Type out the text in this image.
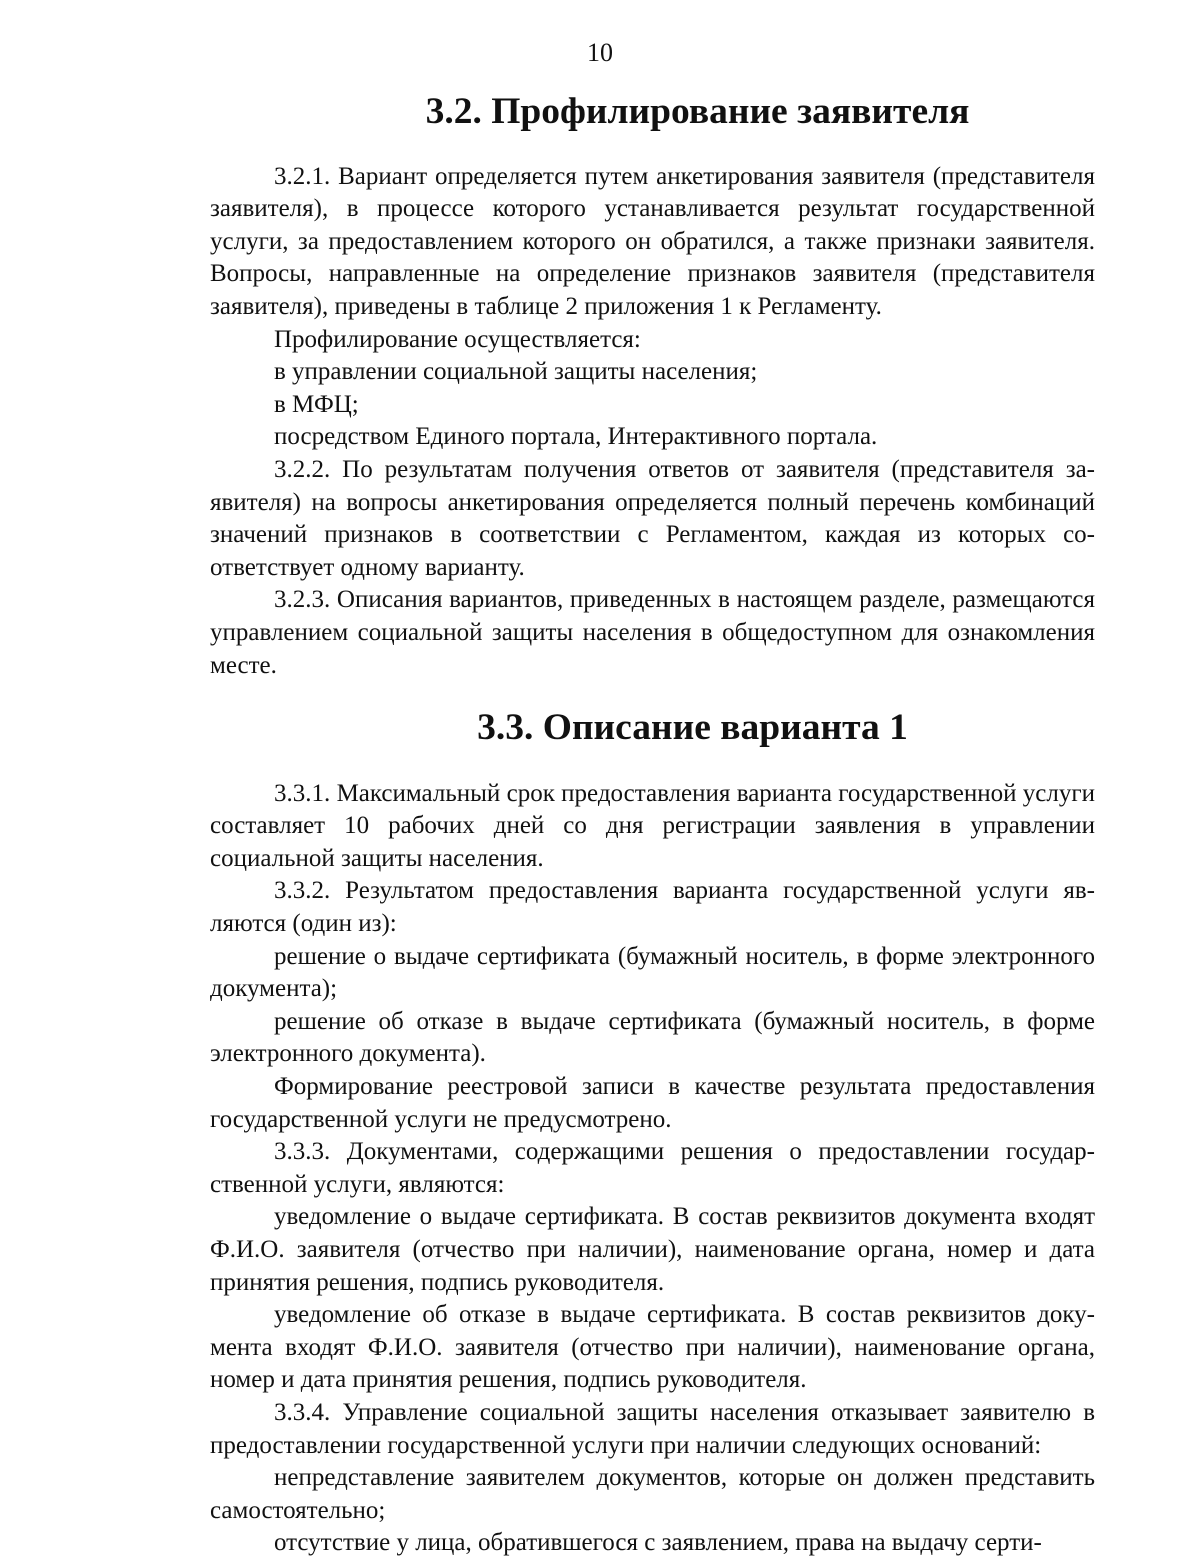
10
3.2. Профилирование заявителя

3.2.1. Вариант определяется путем анкетирования заявителя (представителя заявителя), в процессе которого устанавливается результат государственной услуги, за предоставлением которого он обратился, а также признаки заявителя. Вопросы, направленные на определение признаков заявителя (представителя заявителя), приведены в таблице 2 приложения 1 к Регламенту.

Профилирование осуществляется:

в управлении социальной защиты населения;

в МФЦ;

посредством Единого портала, Интерактивного портала.

3.2.2. По результатам получения ответов от заявителя (представителя заявителя) на вопросы анкетирования определяется полный перечень комбинаций значений признаков в соответствии с Регламентом, каждая из которых соответствует одному варианту.

3.2.3. Описания вариантов, приведенных в настоящем разделе, размещаются управлением социальной защиты населения в общедоступном для ознакомления месте.

3.3. Описание варианта 1

3.3.1. Максимальный срок предоставления варианта государственной услуги составляет 10 рабочих дней со дня регистрации заявления в управлении социальной защиты населения.

3.3.2. Результатом предоставления варианта государственной услуги являются (один из):

решение о выдаче сертификата (бумажный носитель, в форме электронного документа);

решение об отказе в выдаче сертификата (бумажный носитель, в форме электронного документа).

Формирование реестровой записи в качестве результата предоставления государственной услуги не предусмотрено.

3.3.3. Документами, содержащими решения о предоставлении государственной услуги, являются:

уведомление о выдаче сертификата. В состав реквизитов документа входят Ф.И.О. заявителя (отчество при наличии), наименование органа, номер и дата принятия решения, подпись руководителя.

уведомление об отказе в выдаче сертификата. В состав реквизитов документа входят Ф.И.О. заявителя (отчество при наличии), наименование органа, номер и дата принятия решения, подпись руководителя.

3.3.4. Управление социальной защиты населения отказывает заявителю в предоставлении государственной услуги при наличии следующих оснований:

непредставление заявителем документов, которые он должен представить самостоятельно;

отсутствие у лица, обратившегося с заявлением, права на выдачу серти-
